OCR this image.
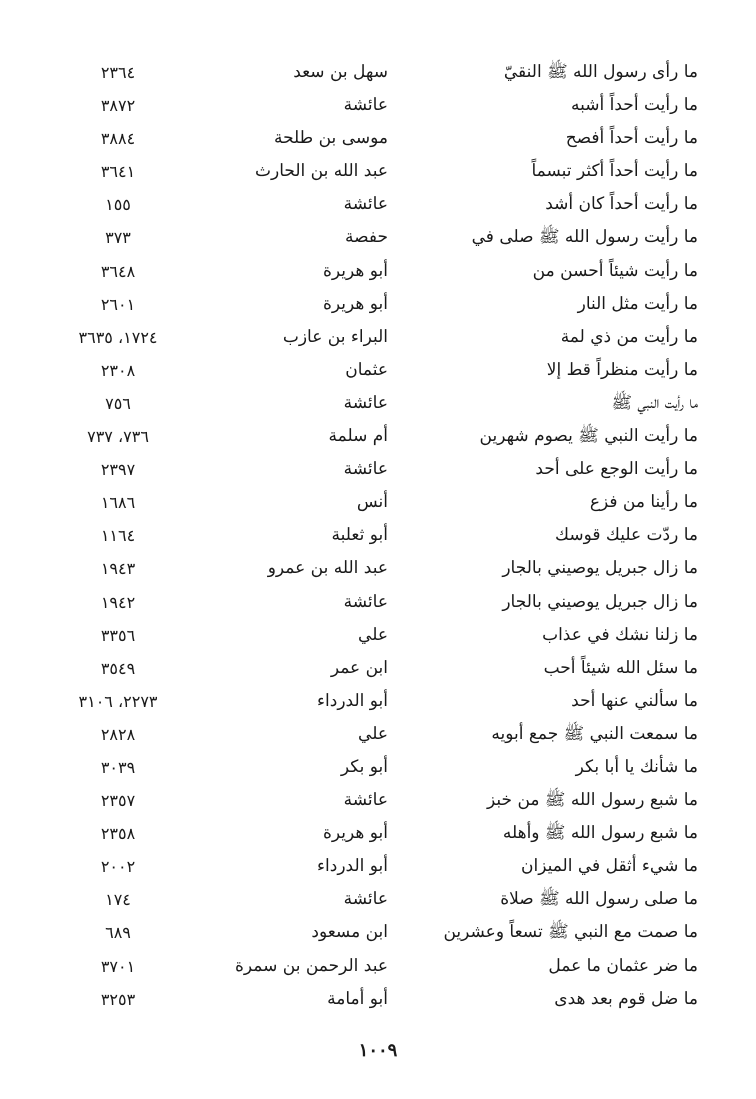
ما رأى رسول الله ﷺ النقيّ
سهل بن سعد
٢٣٦٤
ما رأيت أحداً أشبه
عائشة
٣٨٧٢
ما رأيت أحداً أفصح
موسى بن طلحة
٣٨٨٤
ما رأيت أحداً أكثر تبسماً
عبد الله بن الحارث
٣٦٤١
ما رأيت أحداً كان أشد
عائشة
١٥٥
ما رأيت رسول الله ﷺ صلى في
حفصة
٣٧٣
ما رأيت شيئاً أحسن من
أبو هريرة
٣٦٤٨
ما رأيت مثل النار
أبو هريرة
٢٦٠١
ما رأيت من ذي لمة
البراء بن عازب
١٧٢٤، ٣٦٣٥
ما رأيت منظراً قط إلا
عثمان
٢٣٠٨
ما رأيت النبي ﷺ
عائشة
٧٥٦
ما رأيت النبي ﷺ يصوم شهرين
أم سلمة
٧٣٦، ٧٣٧
ما رأيت الوجع على أحد
عائشة
٢٣٩٧
ما رأينا من فزع
أنس
١٦٨٦
ما ردّت عليك قوسك
أبو ثعلبة
١١٦٤
ما زال جبريل يوصيني بالجار
عبد الله بن عمرو
١٩٤٣
ما زال جبريل يوصيني بالجار
عائشة
١٩٤٢
ما زلنا نشك في عذاب
علي
٣٣٥٦
ما سئل الله شيئاً أحب
ابن عمر
٣٥٤٩
ما سألني عنها أحد
أبو الدرداء
٢٢٧٣، ٣١٠٦
ما سمعت النبي ﷺ جمع أبويه
علي
٢٨٢٨
ما شأنك يا أبا بكر
أبو بكر
٣٠٣٩
ما شبع رسول الله ﷺ من خبز
عائشة
٢٣٥٧
ما شبع رسول الله ﷺ وأهله
أبو هريرة
٢٣٥٨
ما شيء أثقل في الميزان
أبو الدرداء
٢٠٠٢
ما صلى رسول الله ﷺ صلاة
عائشة
١٧٤
ما صمت مع النبي ﷺ تسعاً وعشرين
ابن مسعود
٦٨٩
ما ضر عثمان ما عمل
عبد الرحمن بن سمرة
٣٧٠١
ما ضل قوم بعد هدى
أبو أمامة
٣٢٥٣
١٠٠٩
